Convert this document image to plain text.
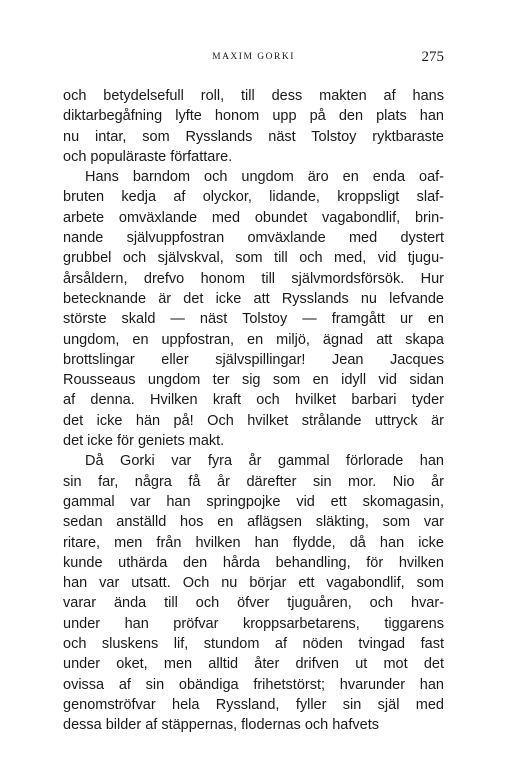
MAXIM GORKI	275
och betydelsefull roll, till dess makten af hans
diktarbegåfning lyfte honom upp på den plats han
nu intar, som Rysslands näst Tolstoy ryktbaraste
och populäraste författare.
Hans barndom och ungdom äro en enda oaf-
bruten kedja af olyckor, lidande, kroppsligt slaf-
arbete omväxlande med obundet vagabondlif, brin-
nande självuppfostran omväxlande med dystert
grubbel och självskval, som till och med, vid tjugu-
årsåldern, drefvo honom till självmordsförsök. Hur
betecknande är det icke att Rysslands nu lefvande
störste skald — näst Tolstoy — framgått ur en
ungdom, en uppfostran, en miljö, ägnad att skapa
brottslingar eller självspillingar! Jean Jacques
Rousseaus ungdom ter sig som en idyll vid sidan
af denna. Hvilken kraft och hvilket barbari tyder
det icke hän på! Och hvilket strålande uttryck är
det icke för geniets makt.
Då Gorki var fyra år gammal förlorade han
sin far, några få år därefter sin mor. Nio år
gammal var han springpojke vid ett skomagasin,
sedan anställd hos en aflägsen släkting, som var
ritare, men från hvilken han flydde, då han icke
kunde uthärda den hårda behandling, för hvilken
han var utsatt. Och nu börjar ett vagabondlif, som
varar ända till och öfver tjuguåren, och hvar-
under han pröfvar kroppsarbetarens, tiggarens
och sluskens lif, stundom af nöden tvingad fast
under oket, men alltid åter drifven ut mot det
ovissa af sin obändiga frihetstörst; hvarunder han
genomströfvar hela Ryssland, fyller sin själ med
dessa bilder af stäppernas, flodernas och hafvets
